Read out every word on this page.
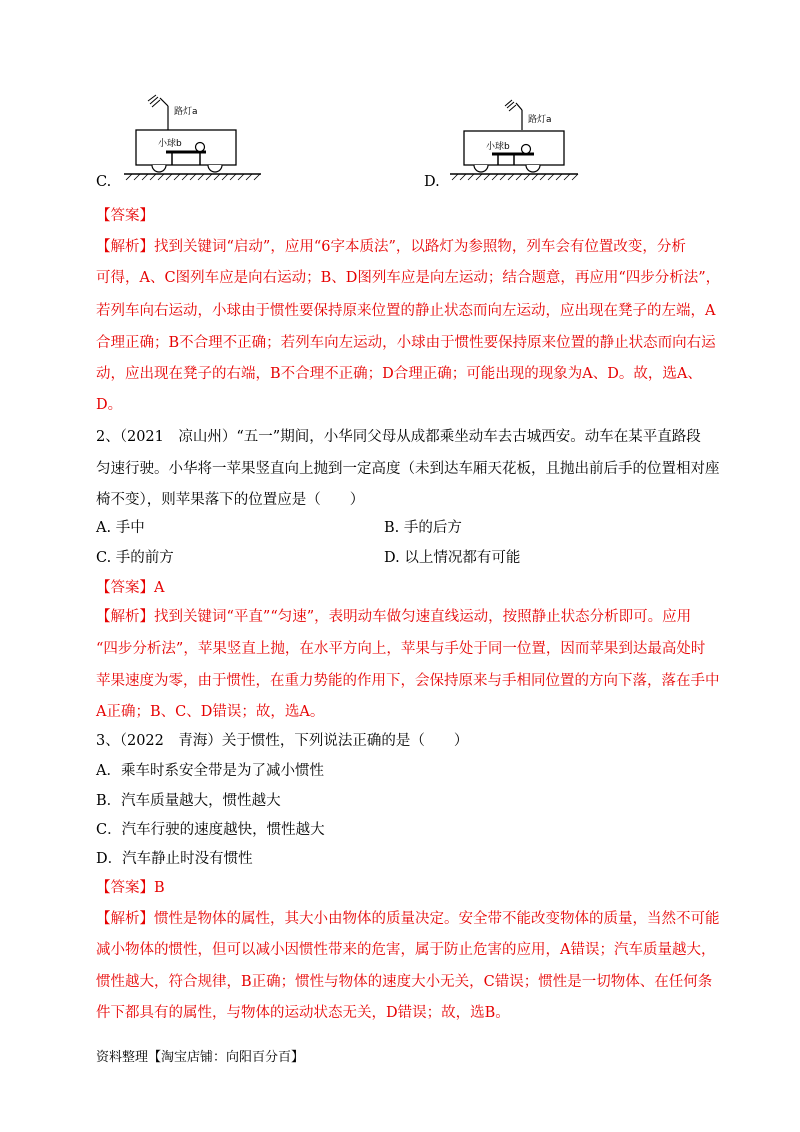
路灯a
小球b
C.
路灯a
小球b
D.
【答案】
【解析】找到关键词“启动”，应用“6字本质法”，以路灯为参照物，列车会有位置改变，分析
可得，A、C图列车应是向右运动；B、D图列车应是向左运动；结合题意，再应用“四步分析法”，
若列车向右运动，小球由于惯性要保持原来位置的静止状态而向左运动，应出现在凳子的左端，A
合理正确；B不合理不正确；若列车向左运动，小球由于惯性要保持原来位置的静止状态而向右运
动，应出现在凳子的右端，B不合理不正确；D合理正确；可能出现的现象为A、D。故，选A、
D。
2、（2021　凉山州）“五一”期间，小华同父母从成都乘坐动车去古城西安。动车在某平直路段
匀速行驶。小华将一苹果竖直向上抛到一定高度（未到达车厢天花板，且抛出前后手的位置相对座
椅不变），则苹果落下的位置应是（　　）
A. 手中	B. 手的后方
C. 手的前方	D. 以上情况都有可能
【答案】A
【解析】找到关键词“平直”“匀速”，表明动车做匀速直线运动，按照静止状态分析即可。应用
“四步分析法”，苹果竖直上抛，在水平方向上，苹果与手处于同一位置，因而苹果到达最高处时
苹果速度为零，由于惯性，在重力势能的作用下，会保持原来与手相同位置的方向下落，落在手中
A正确；B、C、D错误；故，选A。
3、（2022　青海）关于惯性，下列说法正确的是（　　）
A．乘车时系安全带是为了减小惯性
B．汽车质量越大，惯性越大
C．汽车行驶的速度越快，惯性越大
D．汽车静止时没有惯性
【答案】B
【解析】惯性是物体的属性，其大小由物体的质量决定。安全带不能改变物体的质量，当然不可能
减小物体的惯性，但可以减小因惯性带来的危害，属于防止危害的应用，A错误；汽车质量越大，
惯性越大，符合规律，B正确；惯性与物体的速度大小无关，C错误；惯性是一切物体、在任何条
件下都具有的属性，与物体的运动状态无关，D错误；故，选B。
资料整理【淘宝店铺：向阳百分百】
